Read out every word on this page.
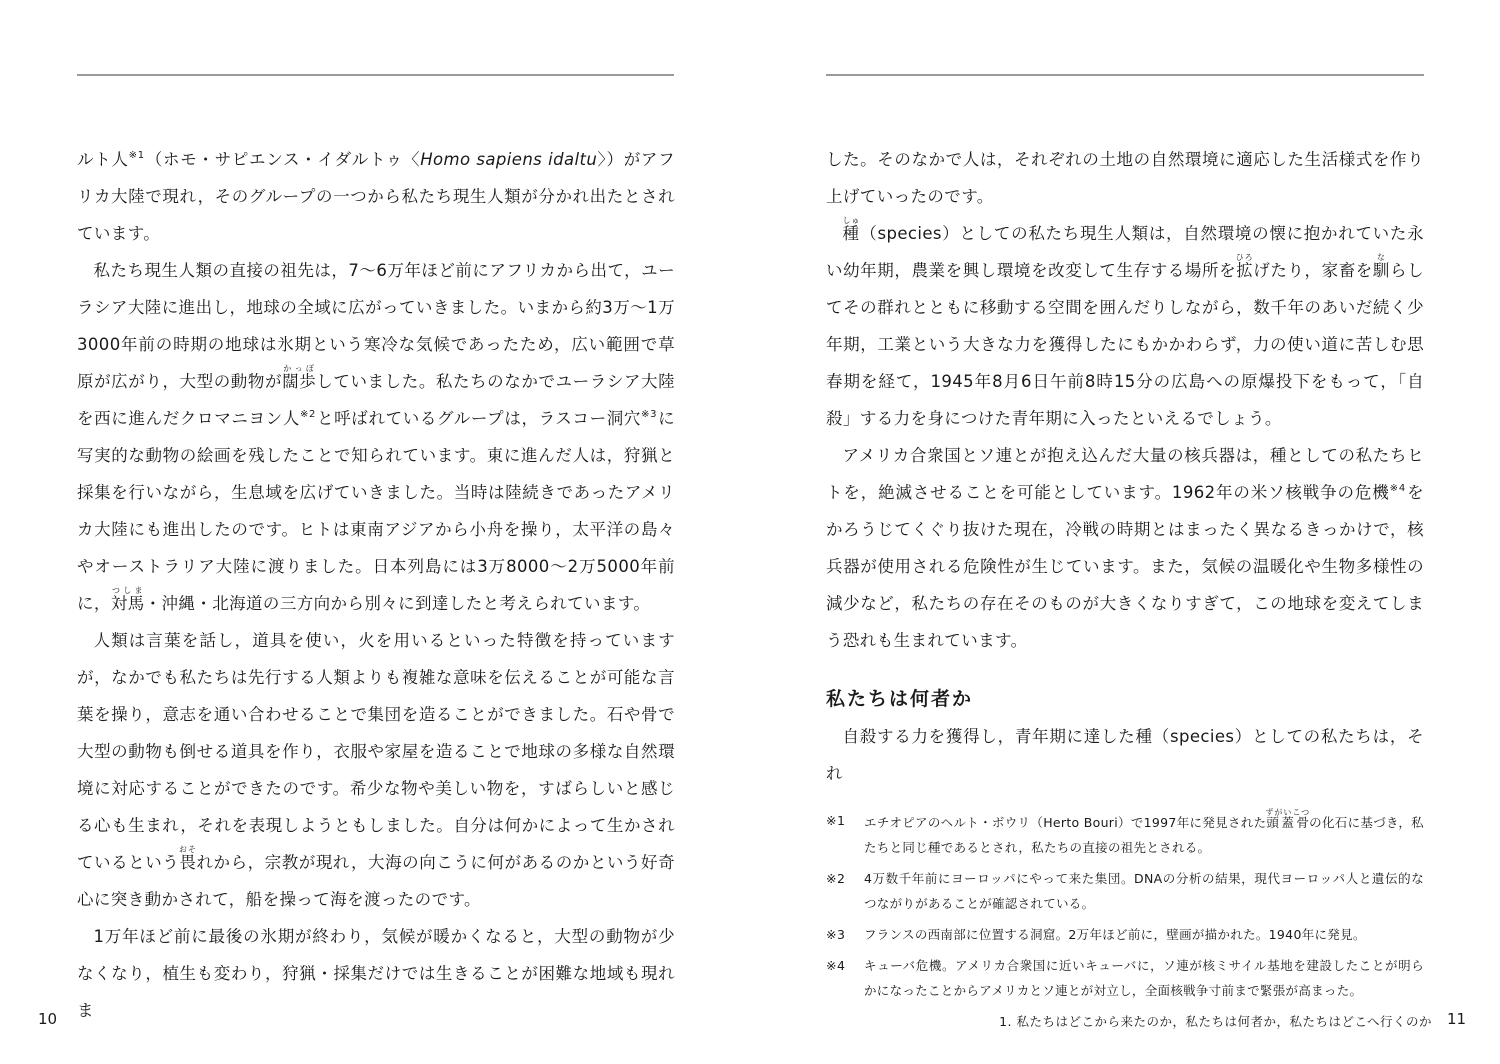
ルト人$^{※1}$（ホモ・サピエンス・イダルトゥ〈Homo sapiens idaltu〉）がアフリカ大陸で現れ，そのグループの一つから私たち現生人類が分かれ出たとされています。

私たち現生人類の直接の祖先は，7〜6万年ほど前にアフリカから出て，ユーラシア大陸に進出し，地球の全域に広がっていきました。いまから約3万〜1万3000年前の時期の地球は氷期という寒冷な気候であったため，広い範囲で草原が広がり，大型の動物が闊歩かっぽしていました。私たちのなかでユーラシア大陸を西に進んだクロマニヨン人$^{※2}$と呼ばれているグループは，ラスコー洞穴$^{※3}$に写実的な動物の絵画を残したことで知られています。東に進んだ人は，狩猟と採集を行いながら，生息域を広げていきました。当時は陸続きであったアメリカ大陸にも進出したのです。ヒトは東南アジアから小舟を操り，太平洋の島々やオーストラリア大陸に渡りました。日本列島には3万8000〜2万5000年前に，対馬つしま・沖縄・北海道の三方向から別々に到達したと考えられています。

人類は言葉を話し，道具を使い，火を用いるといった特徴を持っていますが，なかでも私たちは先行する人類よりも複雑な意味を伝えることが可能な言葉を操り，意志を通い合わせることで集団を造ることができました。石や骨で大型の動物も倒せる道具を作り，衣服や家屋を造ることで地球の多様な自然環境に対応することができたのです。希少な物や美しい物を，すばらしいと感じる心も生まれ，それを表現しようともしました。自分は何かによって生かされているという畏おそれから，宗教が現れ，大海の向こうに何があるのかという好奇心に突き動かされて，船を操って海を渡ったのです。

1万年ほど前に最後の氷期が終わり，気候が暖かくなると，大型の動物が少なくなり，植生も変わり，狩猟・採集だけでは生きることが困難な地域も現れま

した。そのなかで人は，それぞれの土地の自然環境に適応した生活様式を作り上げていったのです。

種しゅ（species）としての私たち現生人類は，自然環境の懐に抱かれていた永い幼年期，農業を興し環境を改変して生存する場所を拡ひろげたり，家畜を馴ならしてその群れとともに移動する空間を囲んだりしながら，数千年のあいだ続く少年期，工業という大きな力を獲得したにもかかわらず，力の使い道に苦しむ思春期を経て，1945年8月6日午前8時15分の広島への原爆投下をもって，「自殺」する力を身につけた青年期に入ったといえるでしょう。

アメリカ合衆国とソ連とが抱え込んだ大量の核兵器は，種としての私たちヒトを，絶滅させることを可能としています。1962年の米ソ核戦争の危機$^{※4}$をかろうじてくぐり抜けた現在，冷戦の時期とはまったく異なるきっかけで，核兵器が使用される危険性が生じています。また，気候の温暖化や生物多様性の減少など，私たちの存在そのものが大きくなりすぎて，この地球を変えてしまう恐れも生まれています。

私たちは何者か

自殺する力を獲得し，青年期に達した種（species）としての私たちは，それ

※1	エチオピアのヘルト・ボウリ（Herto Bouri）で1997年に発見された頭蓋骨ずがいこつの化石に基づき，私たちと同じ種であるとされ，私たちの直接の祖先とされる。
※2	4万数千年前にヨーロッパにやって来た集団。DNAの分析の結果，現代ヨーロッパ人と遺伝的なつながりがあることが確認されている。
※3	フランスの西南部に位置する洞窟。2万年ほど前に，壁画が描かれた。1940年に発見。
※4	キューバ危機。アメリカ合衆国に近いキューバに，ソ連が核ミサイル基地を建設したことが明らかになったことからアメリカとソ連とが対立し，全面核戦争寸前まで緊張が高まった。
10	1. 私たちはどこから来たのか，私たちは何者か，私たちはどこへ行くのか 11
